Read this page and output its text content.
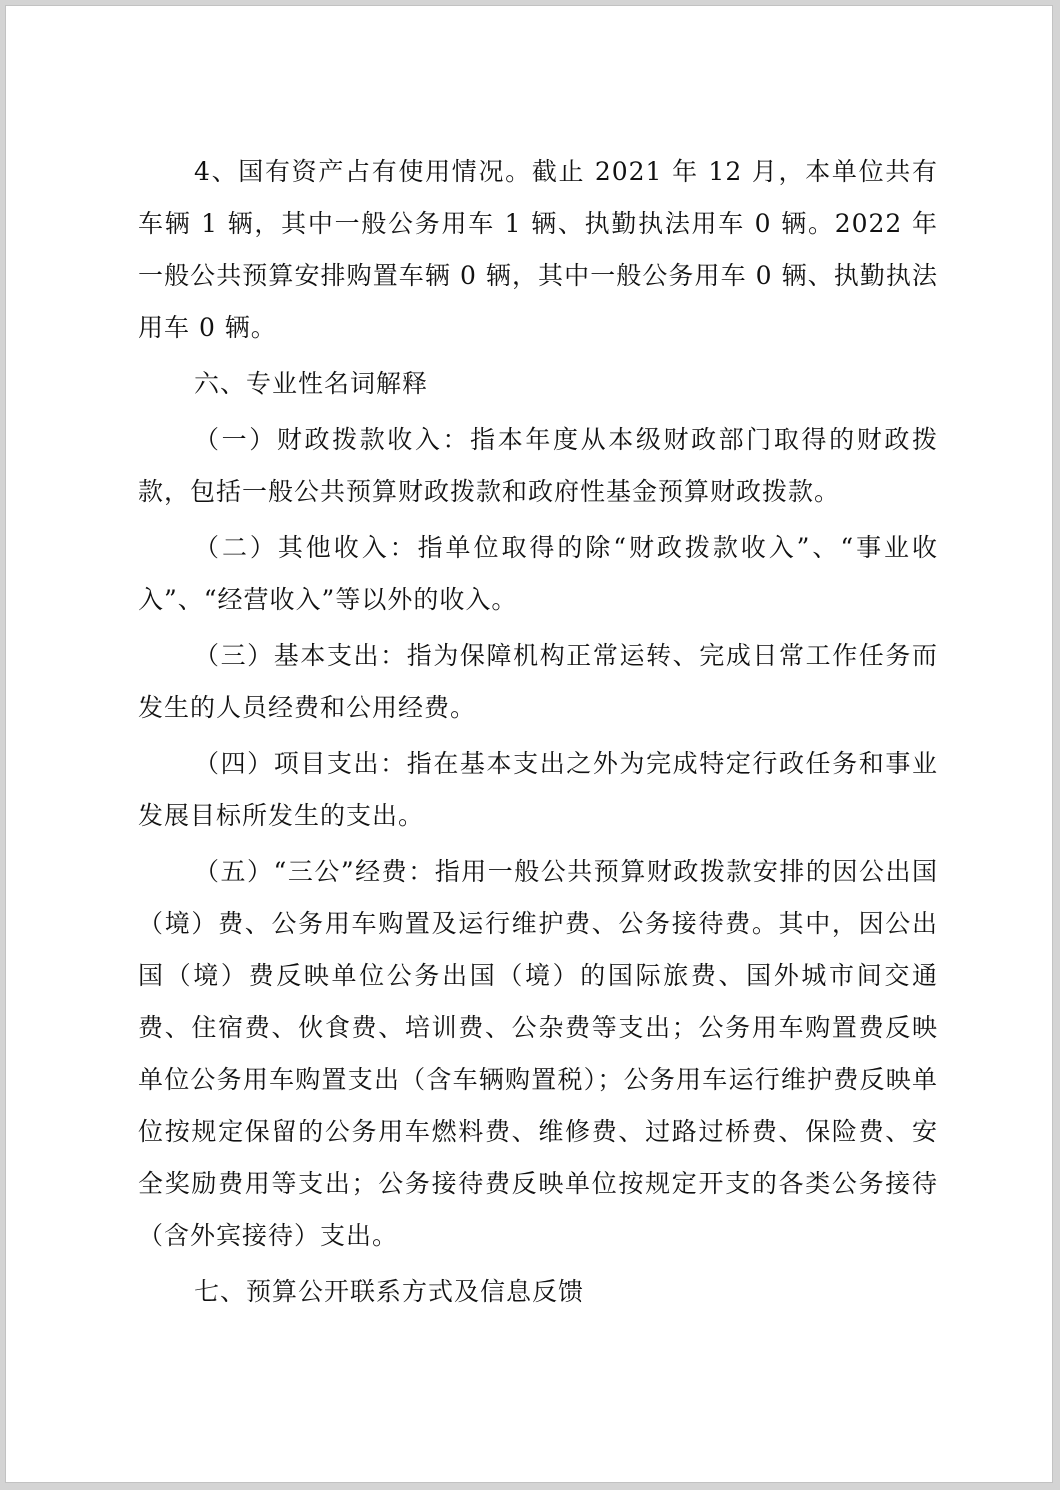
4、国有资产占有使用情况。截止 2021 年 12 月，本单位共有车辆 1 辆，其中一般公务用车 1 辆、执勤执法用车 0 辆。2022 年一般公共预算安排购置车辆 0 辆，其中一般公务用车 0 辆、执勤执法用车 0 辆。

六、专业性名词解释

（一）财政拨款收入：指本年度从本级财政部门取得的财政拨款，包括一般公共预算财政拨款和政府性基金预算财政拨款。

（二）其他收入：指单位取得的除“财政拨款收入”、“事业收入”、“经营收入”等以外的收入。

（三）基本支出：指为保障机构正常运转、完成日常工作任务而发生的人员经费和公用经费。

（四）项目支出：指在基本支出之外为完成特定行政任务和事业发展目标所发生的支出。

（五）“三公”经费：指用一般公共预算财政拨款安排的因公出国（境）费、公务用车购置及运行维护费、公务接待费。其中，因公出国（境）费反映单位公务出国（境）的国际旅费、国外城市间交通费、住宿费、伙食费、培训费、公杂费等支出；公务用车购置费反映单位公务用车购置支出（含车辆购置税）；公务用车运行维护费反映单位按规定保留的公务用车燃料费、维修费、过路过桥费、保险费、安全奖励费用等支出；公务接待费反映单位按规定开支的各类公务接待（含外宾接待）支出。

七、预算公开联系方式及信息反馈
